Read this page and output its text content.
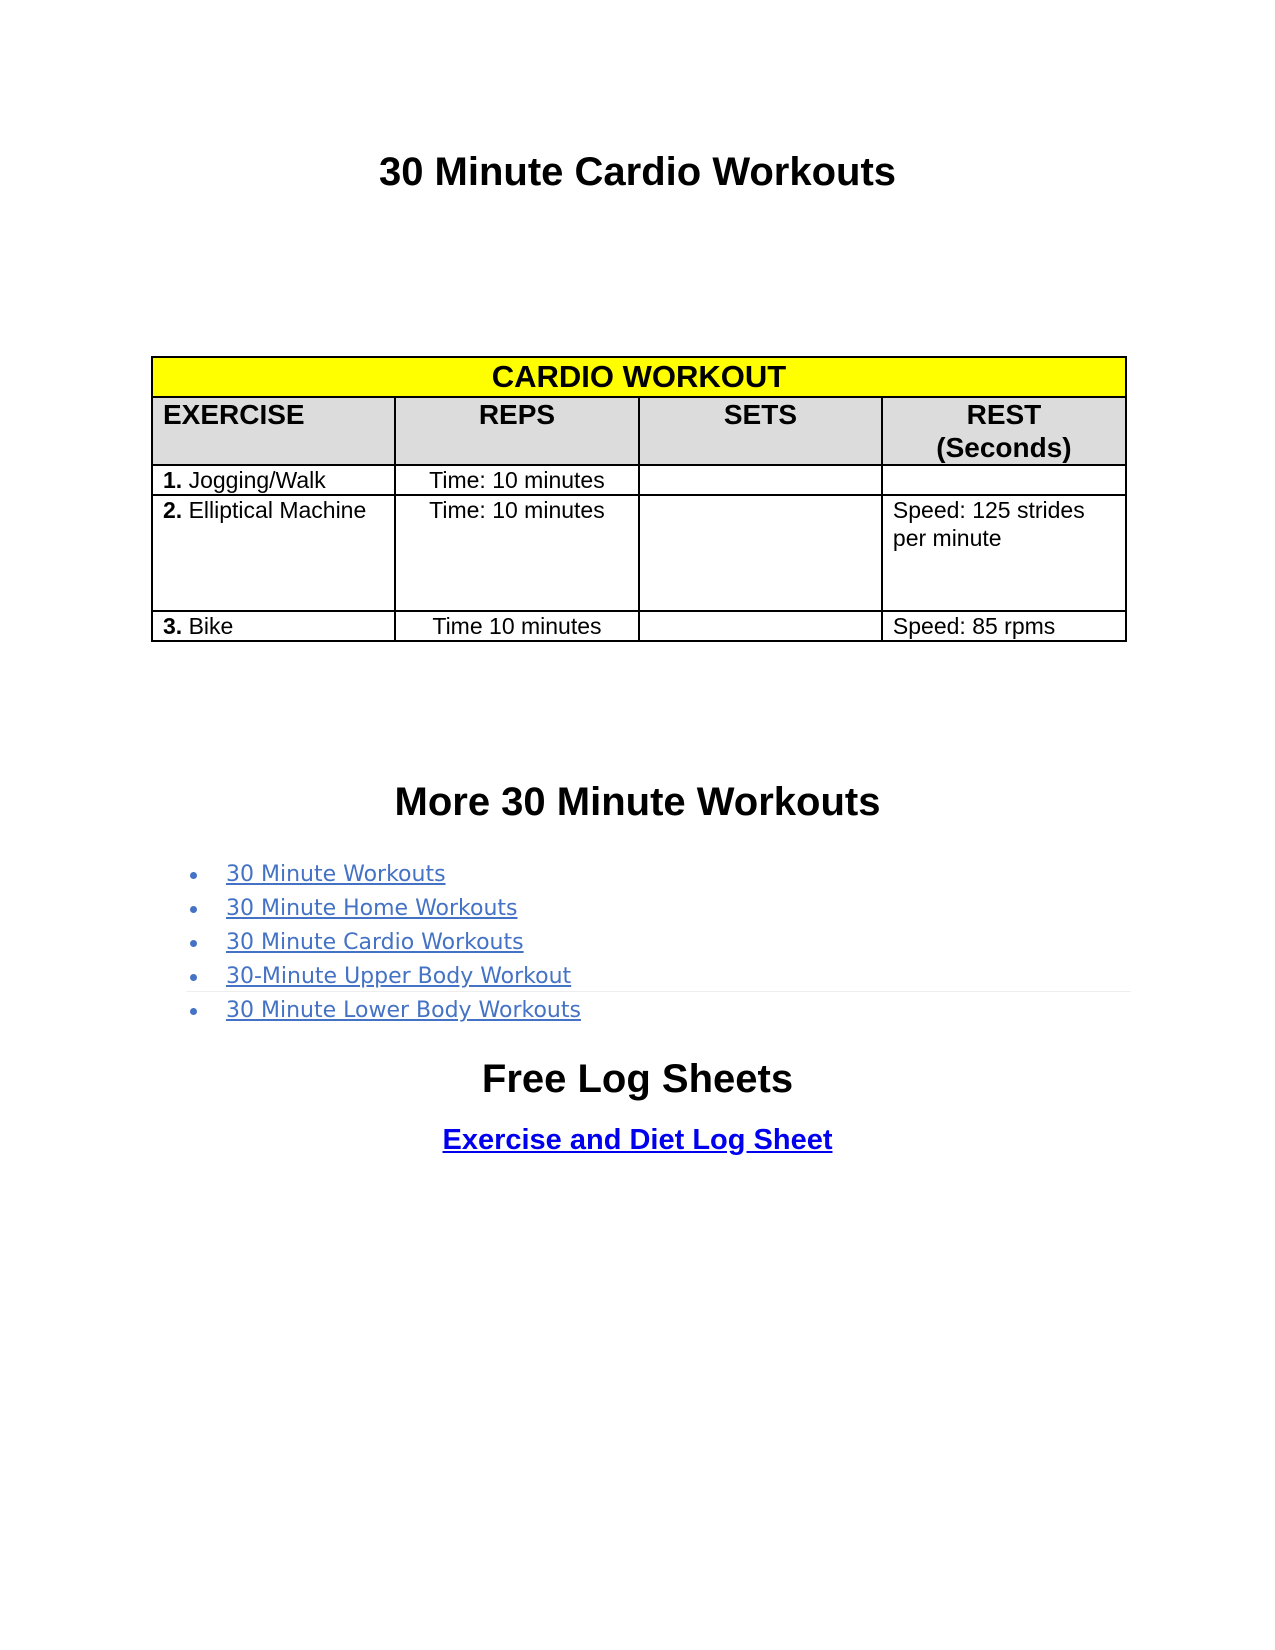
30 Minute Cardio Workouts
CARDIO WORKOUT			
EXERCISE	REPS	SETS	REST
(Seconds)
1. Jogging/Walk	Time: 10 minutes		
2. Elliptical Machine	Time: 10 minutes		Speed: 125 strides per minute
3. Bike	Time 10 minutes		Speed: 85 rpms
More 30 Minute Workouts
30 Minute Workouts
30 Minute Home Workouts
30 Minute Cardio Workouts
30-Minute Upper Body Workout
30 Minute Lower Body Workouts
Free Log Sheets
Exercise and Diet Log Sheet
